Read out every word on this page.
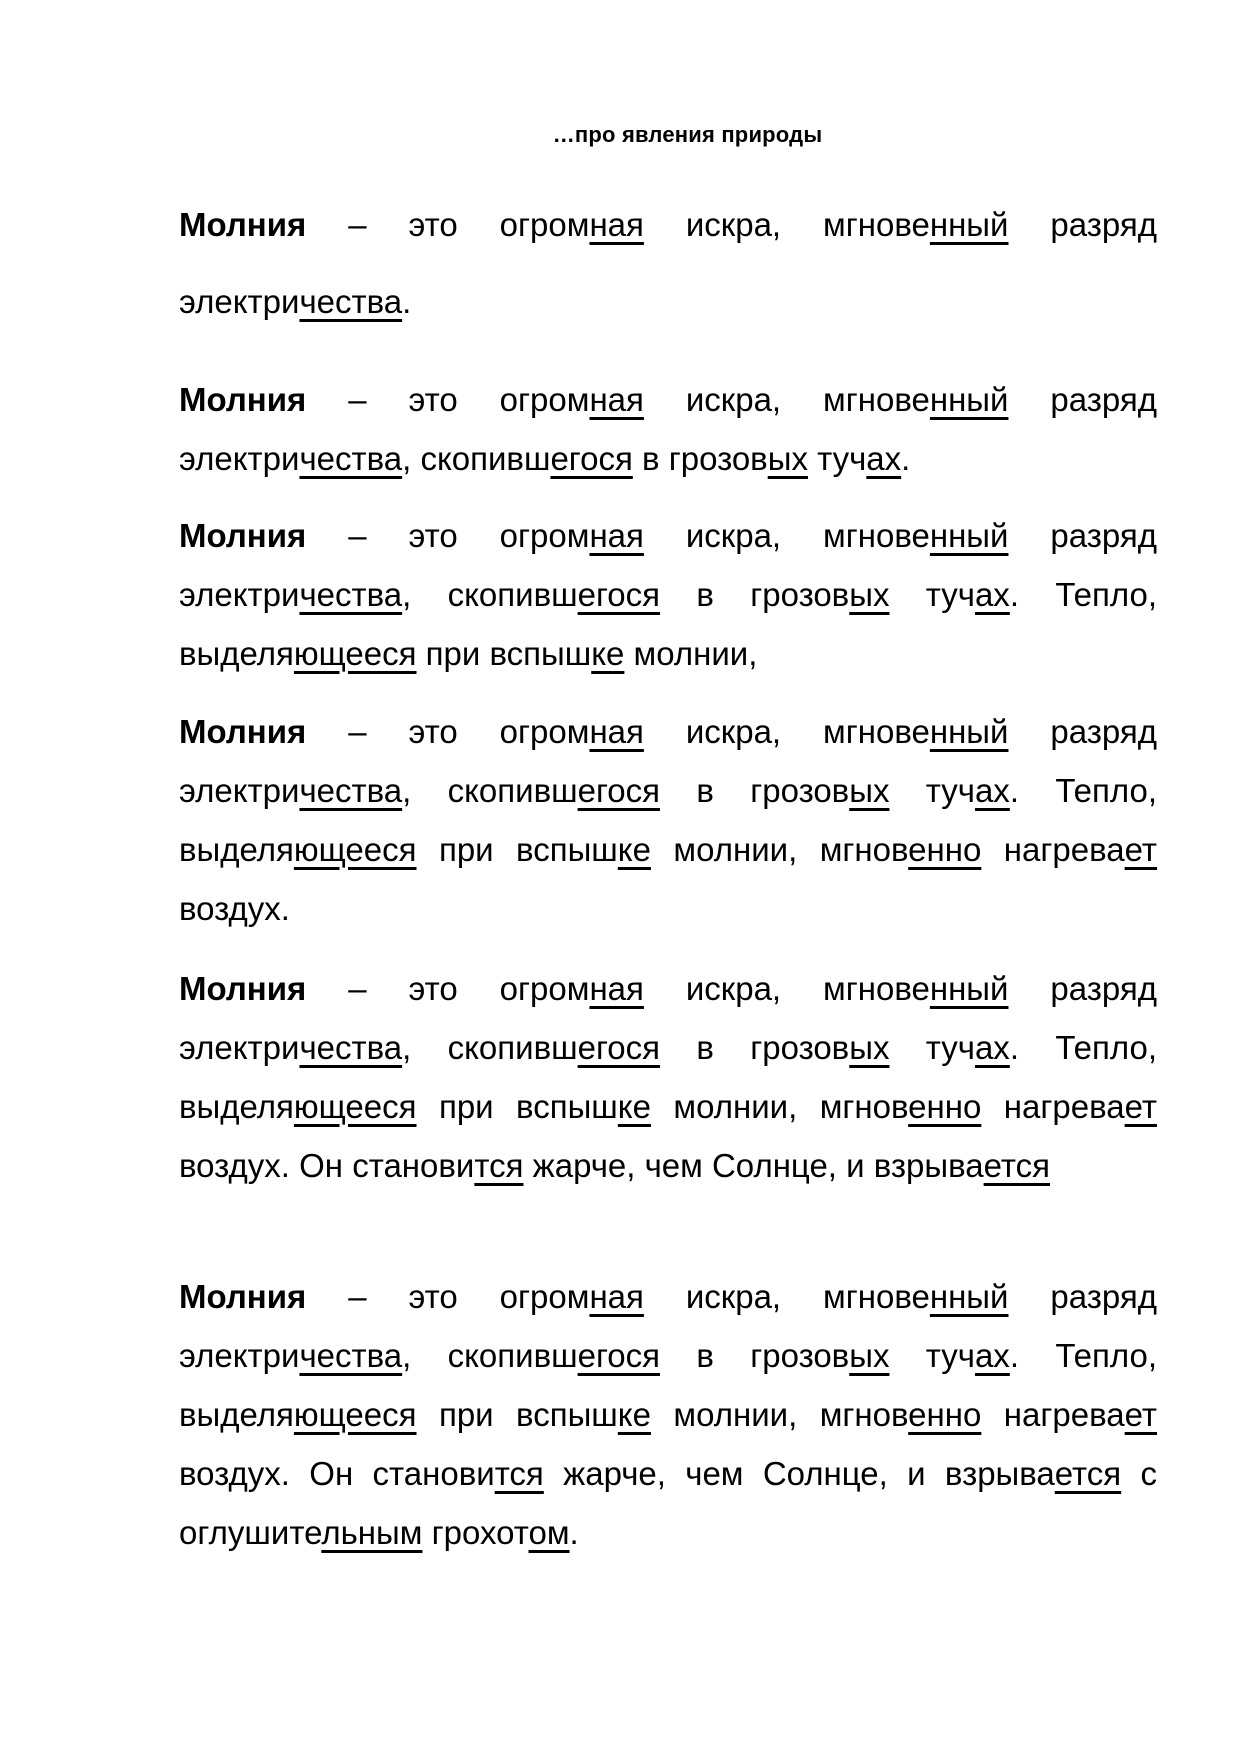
…про явления природы

Молния – это огромная искра, мгновенный разряд электричества.

Молния – это огромная искра, мгновенный разряд электричества, скопившегося в грозовых тучах.

Молния – это огромная искра, мгновенный разряд электричества, скопившегося в грозовых тучах. Тепло, выделяющееся при вспышке молнии,

Молния – это огромная искра, мгновенный разряд электричества, скопившегося в грозовых тучах. Тепло, выделяющееся при вспышке молнии, мгновенно нагревает воздух.

Молния – это огромная искра, мгновенный разряд электричества, скопившегося в грозовых тучах. Тепло, выделяющееся при вспышке молнии, мгновенно нагревает воздух. Он становится жарче, чем Солнце, и взрывается

Молния – это огромная искра, мгновенный разряд электричества, скопившегося в грозовых тучах. Тепло, выделяющееся при вспышке молнии, мгновенно нагревает воздух. Он становится жарче, чем Солнце, и взрывается с оглушительным грохотом.
